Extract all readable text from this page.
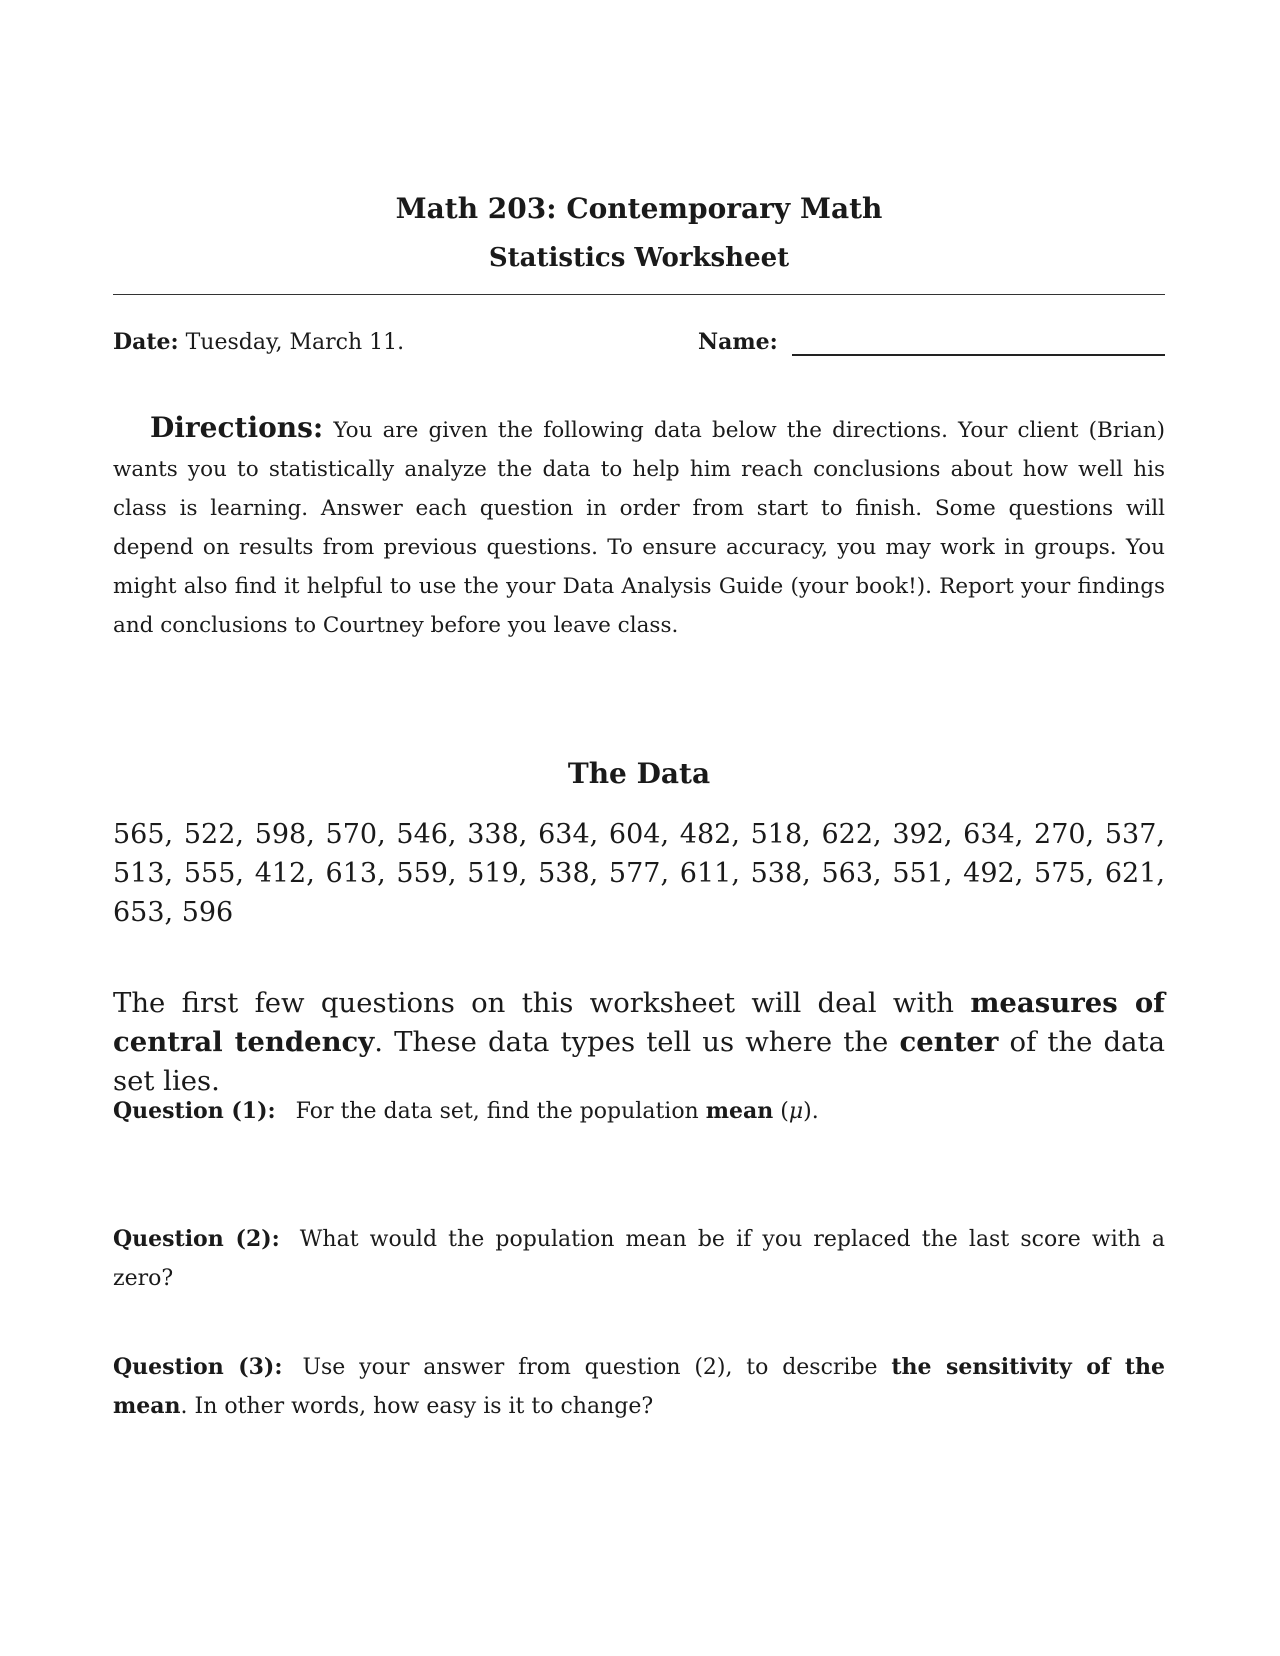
Math 203: Contemporary Math
Statistics Worksheet
Date: Tuesday, March 11.	Name:
Directions: You are given the following data below the directions. Your client (Brian) wants you to statistically analyze the data to help him reach conclusions about how well his class is learning. Answer each question in order from start to finish. Some questions will depend on results from previous questions. To ensure accuracy, you may work in groups. You might also find it helpful to use the your Data Analysis Guide (your book!). Report your findings and conclusions to Courtney before you leave class.
The Data
565, 522, 598, 570, 546, 338, 634, 604, 482, 518, 622, 392, 634, 270, 537, 513, 555, 412, 613, 559, 519, 538, 577, 611, 538, 563, 551, 492, 575, 621, 653, 596
The first few questions on this worksheet will deal with measures of central tendency. These data types tell us where the center of the data set lies.
Question (1): For the data set, find the population mean (μ).
Question (2): What would the population mean be if you replaced the last score with a zero?
Question (3): Use your answer from question (2), to describe the sensitivity of the mean. In other words, how easy is it to change?
